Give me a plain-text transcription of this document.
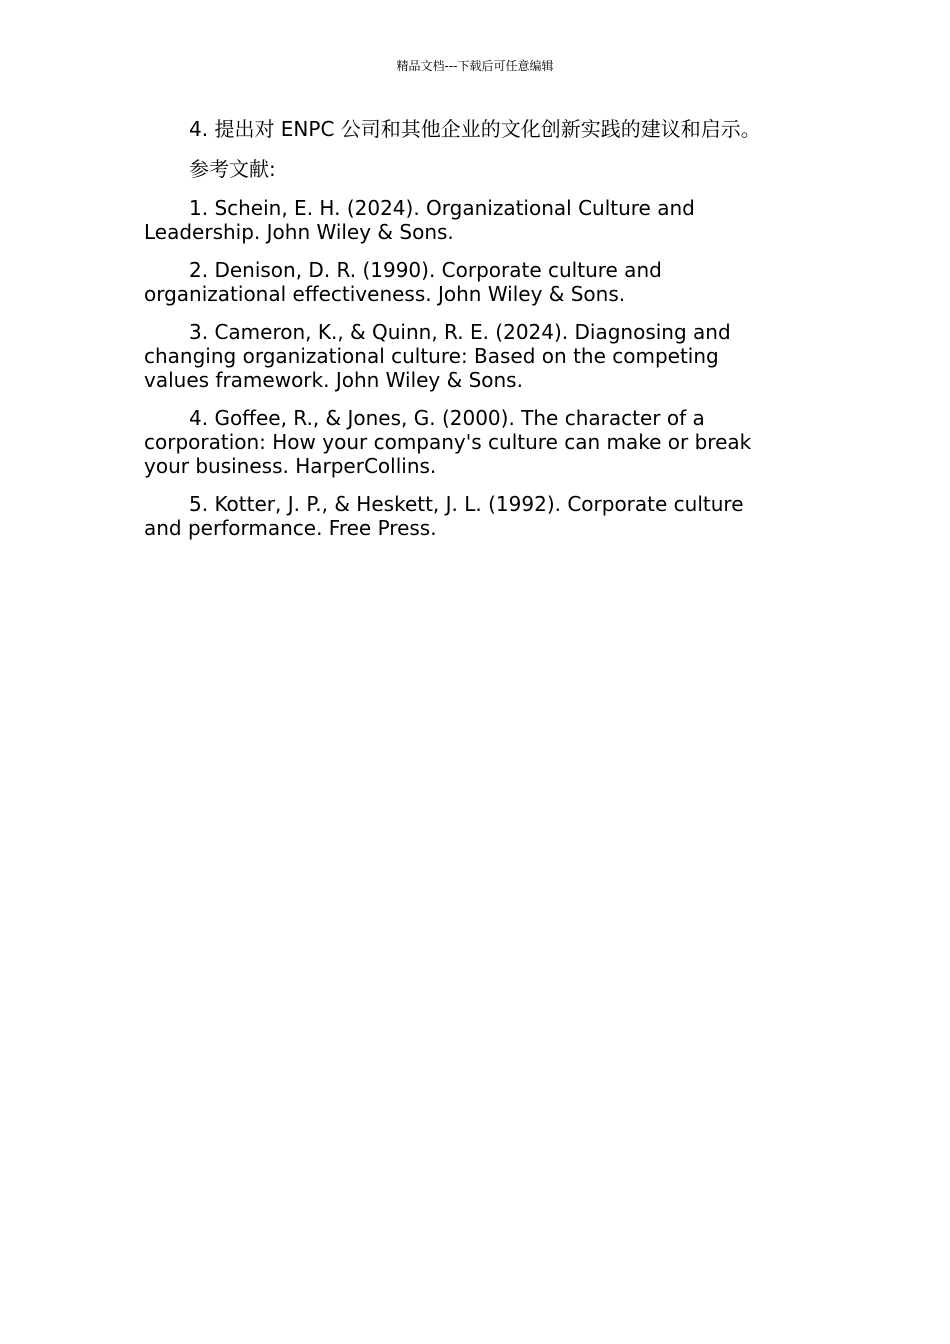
精品文档---下载后可任意编辑

4. 提出对 ENPC 公司和其他企业的文化创新实践的建议和启示。

参考文献:

1. Schein, E. H. (2024). Organizational Culture and Leadership. John Wiley & Sons.

2. Denison, D. R. (1990). Corporate culture and organizational effectiveness. John Wiley & Sons.

3. Cameron, K., & Quinn, R. E. (2024). Diagnosing and changing organizational culture: Based on the competing values framework. John Wiley & Sons.

4. Goffee, R., & Jones, G. (2000). The character of a corporation: How your company's culture can make or break your business. HarperCollins.

5. Kotter, J. P., & Heskett, J. L. (1992). Corporate culture and performance. Free Press.
